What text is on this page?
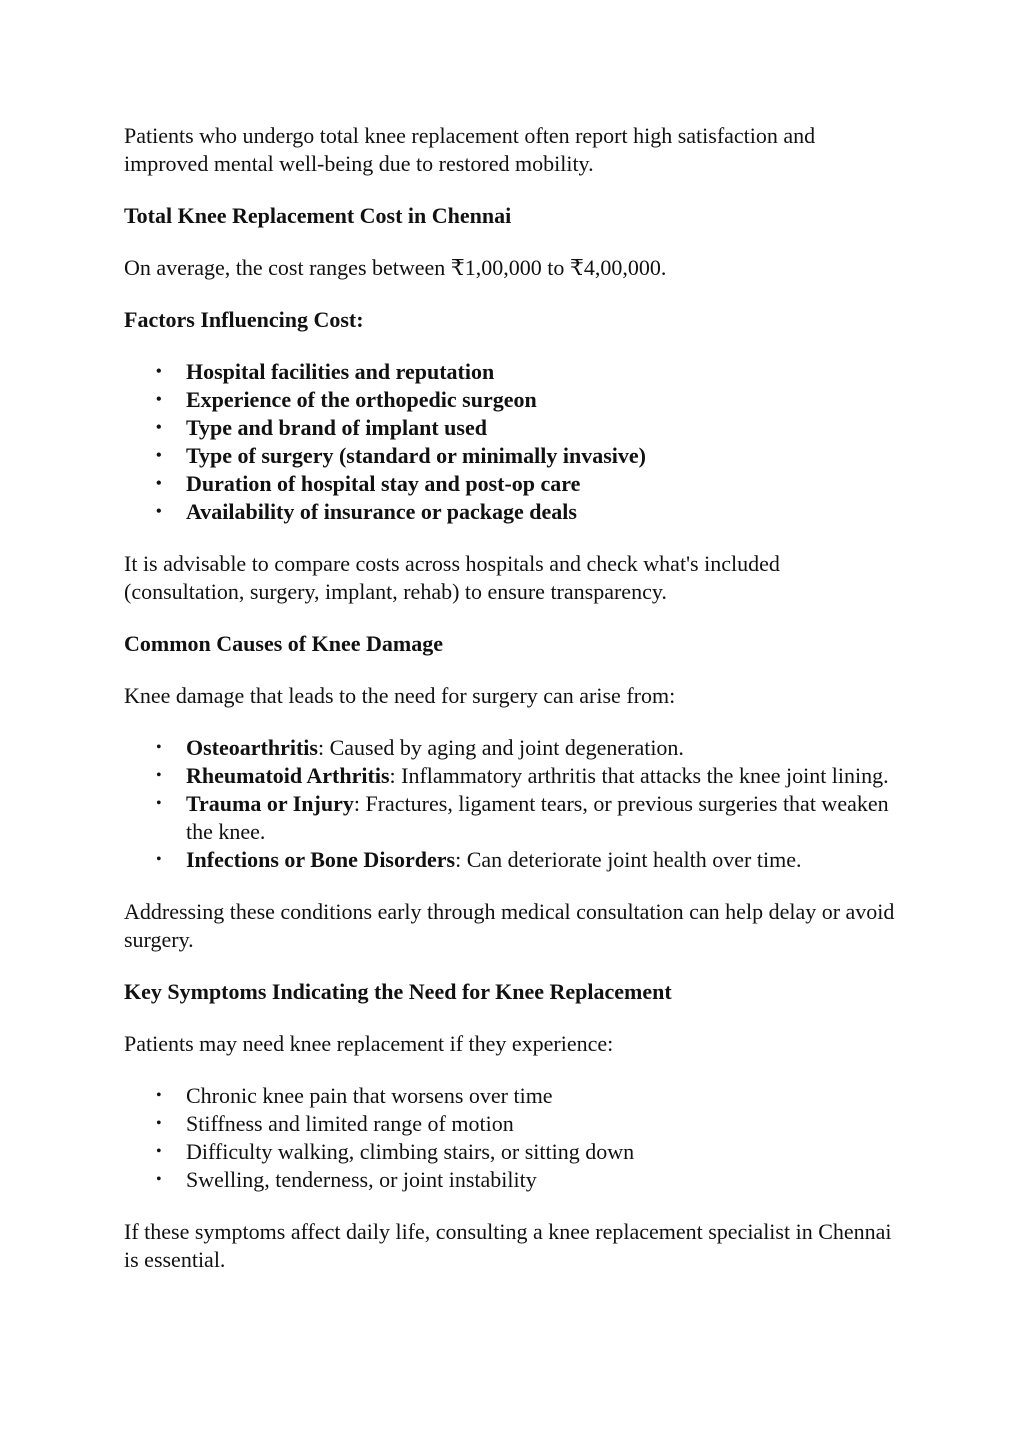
Patients who undergo total knee replacement often report high satisfaction and improved mental well-being due to restored mobility.

Total Knee Replacement Cost in Chennai

On average, the cost ranges between ₹1,00,000 to ₹4,00,000.

Factors Influencing Cost:
• Hospital facilities and reputation
• Experience of the orthopedic surgeon
• Type and brand of implant used
• Type of surgery (standard or minimally invasive)
• Duration of hospital stay and post-op care
• Availability of insurance or package deals

It is advisable to compare costs across hospitals and check what's included (consultation, surgery, implant, rehab) to ensure transparency.

Common Causes of Knee Damage

Knee damage that leads to the need for surgery can arise from:

• Osteoarthritis: Caused by aging and joint degeneration.
• Rheumatoid Arthritis: Inflammatory arthritis that attacks the knee joint lining.
• Trauma or Injury: Fractures, ligament tears, or previous surgeries that weaken the knee.
• Infections or Bone Disorders: Can deteriorate joint health over time.

Addressing these conditions early through medical consultation can help delay or avoid surgery.

Key Symptoms Indicating the Need for Knee Replacement

Patients may need knee replacement if they experience:

• Chronic knee pain that worsens over time
• Stiffness and limited range of motion
• Difficulty walking, climbing stairs, or sitting down
• Swelling, tenderness, or joint instability

If these symptoms affect daily life, consulting a knee replacement specialist in Chennai is essential.
